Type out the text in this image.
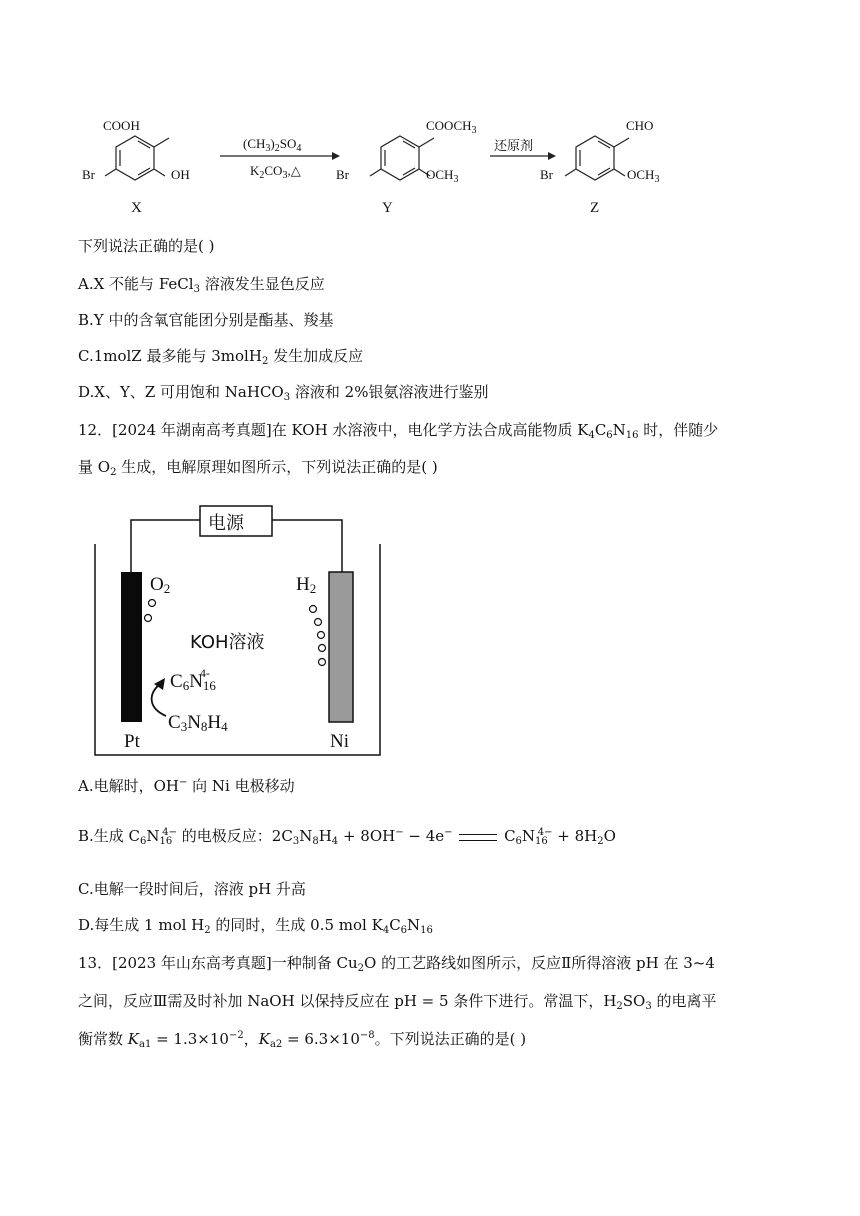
COOH
Br	OH
$(CH_3)_2SO_4$
$K_2CO_3,\triangle$
$COOCH_3$
Br	$OCH_3$
还原剂
CHO
Br	$OCH_3$
X	Y	Z
下列说法正确的是( )
A.X 不能与 FeCl$_3$ 溶液发生显色反应
B.Y 中的含氧官能团分别是酯基、羧基
C.1molZ 最多能与 3molH$_2$ 发生加成反应
D.X、Y、Z 可用饱和 NaHCO$_3$ 溶液和 2%银氨溶液进行鉴别
12．[2024 年湖南高考真题]在 KOH 水溶液中，电化学方法合成高能物质 $K_4C_6N_{16}$ 时，伴随少
量 $O_2$ 生成，电解原理如图所示，下列说法正确的是( )
电源
$O_2$	$H_2$
KOH溶液
$C_6N_{16}^{4-}$
$C_3N_8H_4$
Pt	Ni
A.电解时，OH− 向 Ni 电极移动
B.生成 $C_6N_{16}^{4-}$ 的电极反应：$2C_3N_8H_4 + 8OH^- - 4e^-$	$C_6N_{16}^{4-} + 8H_2O$
C.电解一段时间后，溶液 pH 升高
D.每生成 1 mol $H_2$ 的同时，生成 0.5 mol $K_4C_6N_{16}$
13．[2023 年山东高考真题]一种制备 $Cu_2O$ 的工艺路线如图所示，反应Ⅱ所得溶液 pH 在 3~4
之间，反应Ⅲ需及时补加 NaOH 以保持反应在 pH = 5 条件下进行。常温下，$H_2SO_3$ 的电离平
衡常数 $K_{a1} = 1.3\times 10^{-2}$，$K_{a2} = 6.3\times 10^{-8}$。下列说法正确的是( )
